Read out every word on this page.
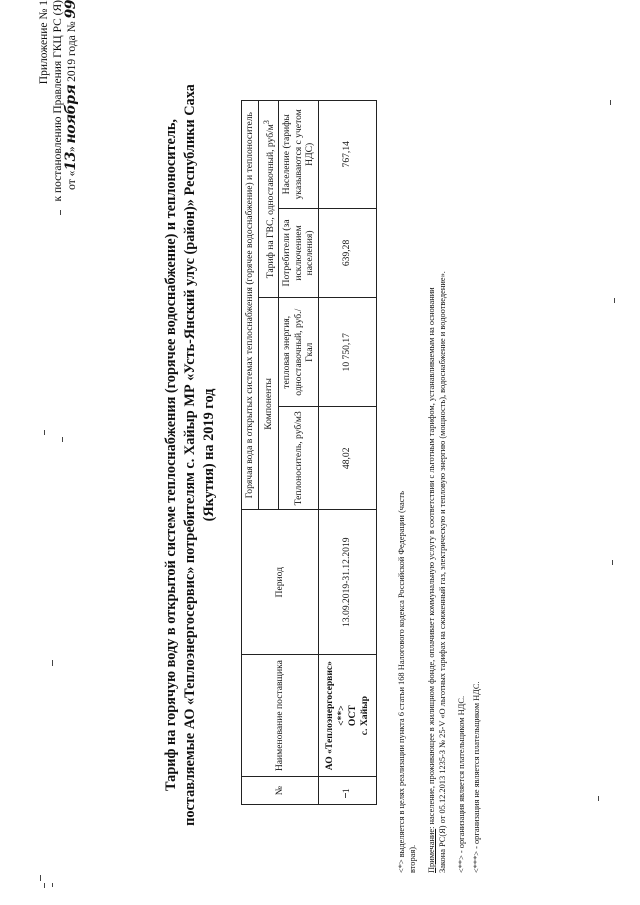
Приложение № 1 к постановлению Правления ГКЦ РС (Я) от «13» ноября 2019 года № 99
Тариф на горячую воду в открытой системе теплоснабжения (горячее водоснабжение) и теплоноситель, поставляемые АО «Теплоэнергосервис» потребителям с. Хайыр МР «Усть-Янский улус (район)» Республики Саха (Якутия) на 2019 год
№	Наименование поставщика	Период	Горячая вода в открытых системах теплоснабжения (горячее водоснабжение) и теплоноситель			
			Компоненты		Тариф на ГВС, одноставочный, руб/$м^3$
			Теплоноситель, руб/м3	тепловая энергия, одноставочный, руб./Гкал	Потребители (за исключением населения)	Население (тарифы указываются с учетом НДС)
1	АО «Теплоэнергосервис» <**> ОСТ с. Хайыр	13.09.2019-31.12.2019	48,02	10 750,17	639,28	767,14

<*> выделяется в целях реализации пункта 6 статьи 168 Налогового кодекса Российской Федерации (часть вторая). Примечание: население, проживающее в жилищном фонде, оплачивает коммунальную услугу в соответствии с льготным тарифом, устанавливаемым на основании Закона РС(Я) от 05.12.2013 1235-З № 25-V «О льготных тарифах на сжиженный газ, электрическую и тепловую энергию (мощность), водоснабжение и водоотведение». <**> - организация является плательщиком НДС. <***> - организация не является плательщиком НДС.
